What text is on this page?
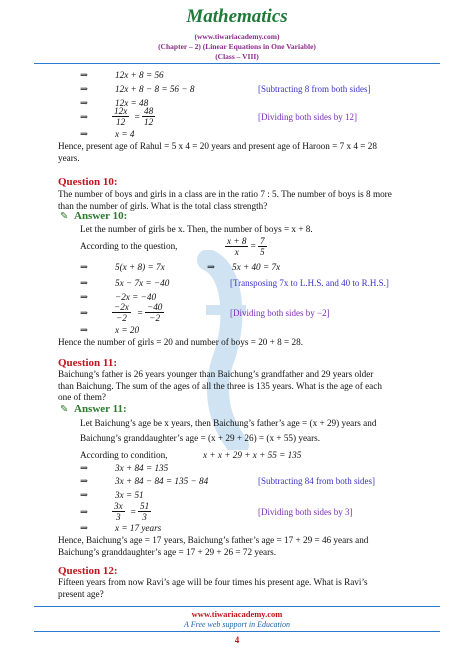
Mathematics
(www.tiwariacademy.com)
(Chapter – 2) (Linear Equations in One Variable)
(Class – VIII)
⇒	12x + 8 = 56
⇒	12x + 8 − 8 = 56 − 8	[Subtracting 8 from both sides]
⇒	12x = 48
⇒	$\frac{12x}{12} = \frac{48}{12}$	[Dividing both sides by 12]
⇒	x = 4
Hence, present age of Rahul = 5 x 4 = 20 years and present age of Haroon = 7 x 4 = 28
years.
Question 10:
The number of boys and girls in a class are in the ratio 7 : 5. The number of boys is 8 more
than the number of girls. What is the total class strength?
✎ Answer 10:
Let the number of girls be x. Then, the number of boys = x + 8.
According to the question,	$\frac{x + 8}{x} = \frac{7}{5}$
⇒	5(x + 8) = 7x	⇒ 5x + 40 = 7x
⇒	5x − 7x = −40	[Transposing 7x to L.H.S. and 40 to R.H.S.]
⇒	−2x = −40
⇒	$\frac{-2x}{-2} = \frac{-40}{-2}$	[Dividing both sides by −2]
⇒	x = 20
Hence the number of girls = 20 and number of boys = 20 + 8 = 28.
Question 11:
Baichung’s father is 26 years younger than Baichung’s grandfather and 29 years older
than Baichung. The sum of the ages of all the three is 135 years. What is the age of each
one of them?
✎ Answer 11:
Let Baichung’s age be x years, then Baichung’s father’s age = (x + 29) years and
Baichung’s granddaughter’s age = (x + 29 + 26) = (x + 55) years.
According to condition,	x + x + 29 + x + 55 = 135
⇒	3x + 84 = 135
⇒	3x + 84 − 84 = 135 − 84	[Subtracting 84 from both sides]
⇒	3x = 51
⇒	$\frac{3x}{3} = \frac{51}{3}$	[Dividing both sides by 3]
⇒	x = 17 years
Hence, Baichung’s age = 17 years, Baichung’s father’s age = 17 + 29 = 46 years and
Baichung’s granddaughter’s age = 17 + 29 + 26 = 72 years.
Question 12:
Fifteen years from now Ravi’s age will be four times his present age. What is Ravi’s
present age?
www.tiwariacademy.com
A Free web support in Education
4
